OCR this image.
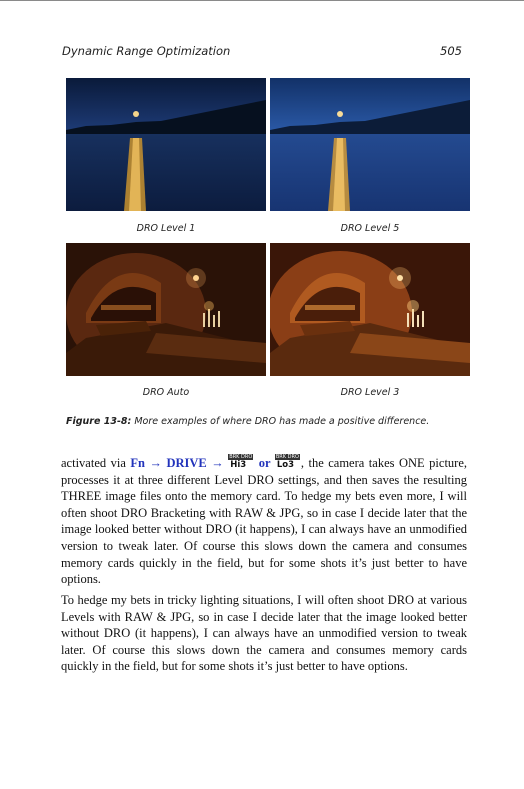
Dynamic Range Optimization	505
DRO Level 1	DRO Level 5
DRO Auto	DRO Level 3
Figure 13-8: More examples of where DRO has made a positive difference.

activated via Fn → DRIVE → BRK DRO
Hi3 or BRK DRO
Lo3 , the camera takes ONE picture, processes it at three different Level DRO settings, and then saves the resulting THREE image files onto the memory card. To hedge my bets even more, I will often shoot DRO Bracketing with RAW & JPG, so in case I decide later that the image looked better without DRO (it happens), I can always have an unmodified version to tweak later. Of course this slows down the camera and consumes memory cards quickly in the field, but for some shots it’s just better to have options.

To hedge my bets in tricky lighting situations, I will often shoot DRO at various Levels with RAW & JPG, so in case I decide later that the image looked better without DRO (it happens), I can always have an unmodified version to tweak later. Of course this slows down the camera and consumes memory cards quickly in the field, but for some shots it’s just better to have options.
